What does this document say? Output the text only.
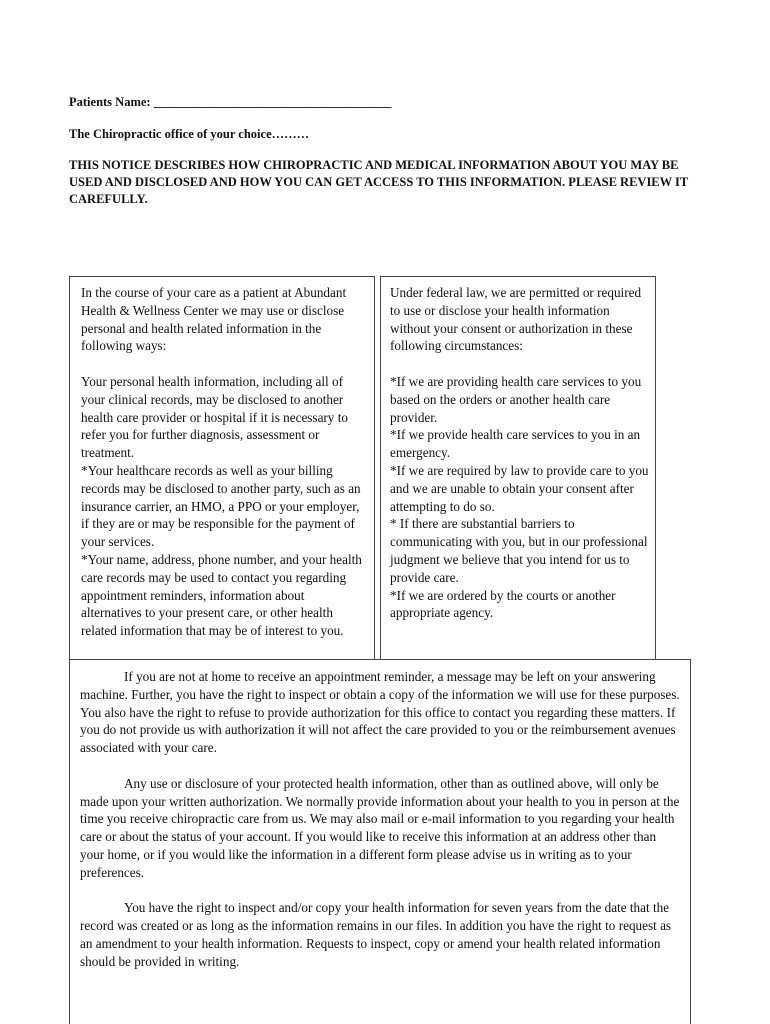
Patients Name: ______________________________________

The Chiropractic office of your choice………

THIS NOTICE DESCRIBES HOW CHIROPRACTIC AND MEDICAL INFORMATION ABOUT YOU MAY BE USED AND DISCLOSED AND HOW YOU CAN GET ACCESS TO THIS INFORMATION. PLEASE REVIEW IT CAREFULLY.

In the course of your care as a patient at Abundant Health & Wellness Center we may use or disclose personal and health related information in the following ways:

Your personal health information, including all of your clinical records, may be disclosed to another health care provider or hospital if it is necessary to refer you for further diagnosis, assessment or treatment.
*Your healthcare records as well as your billing records may be disclosed to another party, such as an insurance carrier, an HMO, a PPO or your employer, if they are or may be responsible for the payment of your services.
*Your name, address, phone number, and your health care records may be used to contact you regarding appointment reminders, information about alternatives to your present care, or other health related information that may be of interest to you.

Under federal law, we are permitted or required to use or disclose your health information without your consent or authorization in these following circumstances:

*If we are providing health care services to you based on the orders or another health care provider.
*If we provide health care services to you in an emergency.
*If we are required by law to provide care to you and we are unable to obtain your consent after attempting to do so.
* If there are substantial barriers to communicating with you, but in our professional judgment we believe that you intend for us to provide care.
*If we are ordered by the courts or another appropriate agency.

If you are not at home to receive an appointment reminder, a message may be left on your answering machine. Further, you have the right to inspect or obtain a copy of the information we will use for these purposes. You also have the right to refuse to provide authorization for this office to contact you regarding these matters. If you do not provide us with authorization it will not affect the care provided to you or the reimbursement avenues associated with your care.

Any use or disclosure of your protected health information, other than as outlined above, will only be made upon your written authorization. We normally provide information about your health to you in person at the time you receive chiropractic care from us. We may also mail or e-mail information to you regarding your health care or about the status of your account. If you would like to receive this information at an address other than your home, or if you would like the information in a different form please advise us in writing as to your preferences.

You have the right to inspect and/or copy your health information for seven years from the date that the record was created or as long as the information remains in our files. In addition you have the right to request as an amendment to your health information. Requests to inspect, copy or amend your health related information should be provided in writing.
